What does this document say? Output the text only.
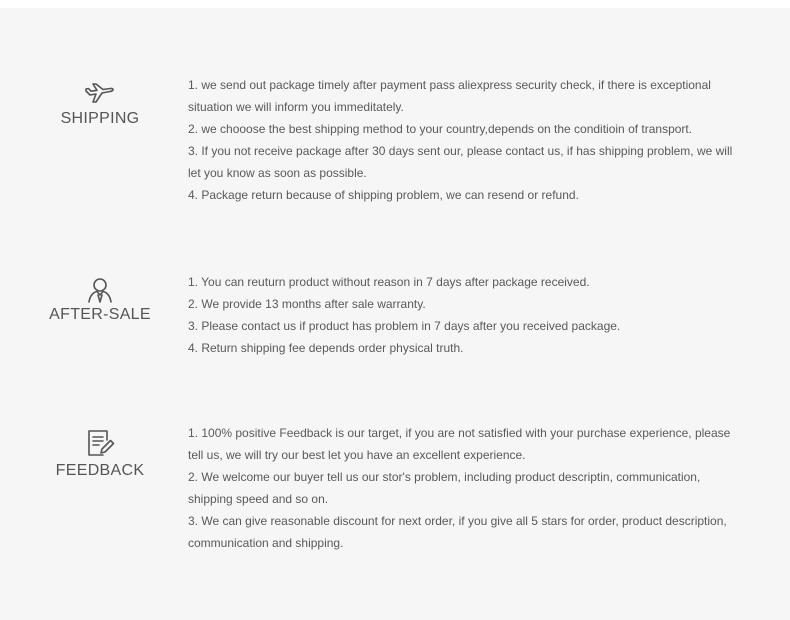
SHIPPING
1. we send out package timely after payment pass aliexpress security check, if there is exceptional situation we will inform you immeditately.
2. we chooose the best shipping method to your country,depends on the conditioin of transport.
3. If you not receive package after 30 days sent our, please contact us, if has shipping problem, we will let you know as soon as possible.
4. Package return because of shipping problem, we can resend or refund.
AFTER-SALE
1. You can reuturn product without reason in 7 days after package received.
2. We provide 13 months after sale warranty.
3. Please contact us if product has problem in 7 days after you received package.
4. Return shipping fee depends order physical truth.
FEEDBACK
1. 100% positive Feedback is our target, if you are not satisfied with your purchase experience, please tell us, we will try our best let you have an excellent experience.
2. We welcome our buyer tell us our stor's problem, including product descriptin, communication, shipping speed and so on.
3. We can give reasonable discount for next order, if you give all 5 stars for order, product description, communication and shipping.
